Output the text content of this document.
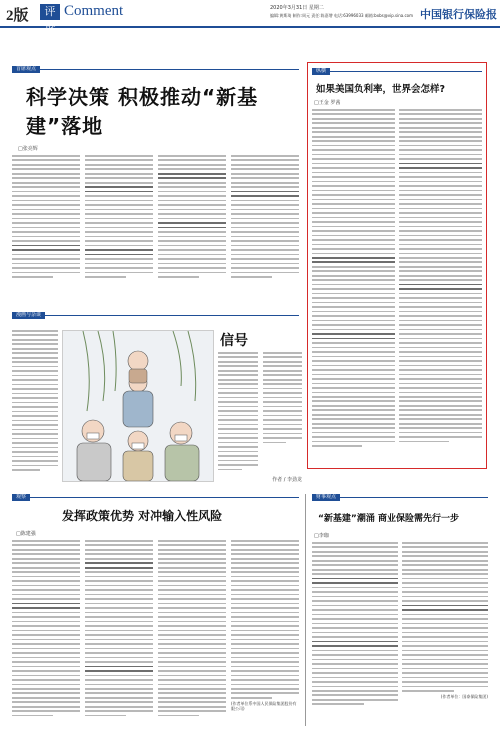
2版	评论
Comment	2020年3月31日 星期二
编辑:黄斯琦 制作:周元 责任:陈嘉增 电话:63996033 邮箱:bxbs@vip.sina.com 中国银行保险报
首席观点
科学决策 积极推动“新基建”落地
□张亮辉
漫画与杂谈
信号
作者 / 李劲龙
纵横
如果美国负利率，世界会怎样?
□王金 罗茜
观察
发挥政策优势 对冲输入性风险
□陈建强
(作者单位系中国人民保险集团股份有限公司)
财事观点
“新基建”潮涌 商业保险需先行一步
□李珈
(作者单位：国泰保险集团)
